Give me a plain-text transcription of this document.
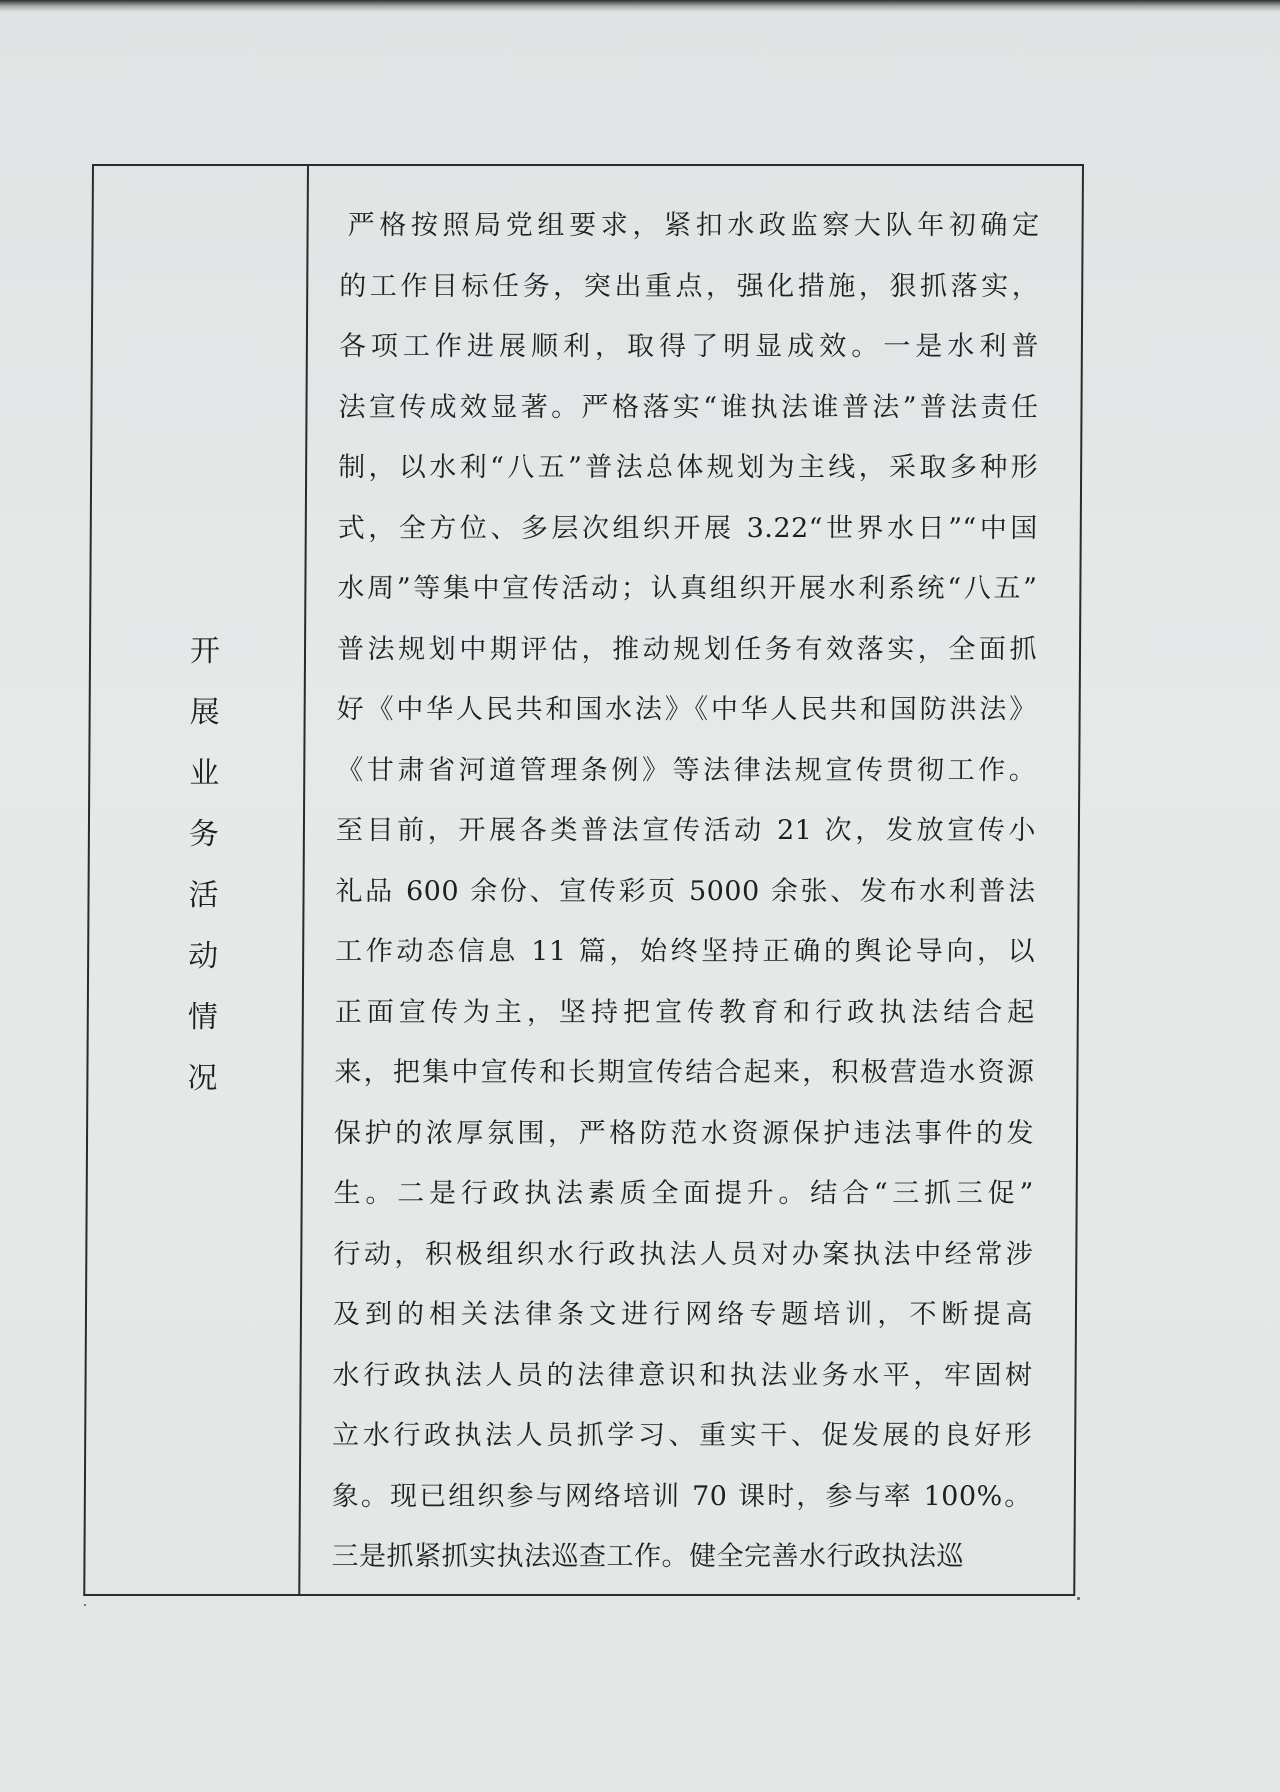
开
展
业
务
活
动
情
况
严格按照局党组要求，紧扣水政监察大队年初确定
的工作目标任务，突出重点，强化措施，狠抓落实，
各项工作进展顺利，取得了明显成效。一是水利普
法宣传成效显著。严格落实“谁执法谁普法”普法责任
制，以水利“八五”普法总体规划为主线，采取多种形
式，全方位、多层次组织开展 3.22“世界水日”“中国
水周”等集中宣传活动；认真组织开展水利系统“八五”
普法规划中期评估，推动规划任务有效落实，全面抓
好《中华人民共和国水法》《中华人民共和国防洪法》
《甘肃省河道管理条例》等法律法规宣传贯彻工作。
至目前，开展各类普法宣传活动 21 次，发放宣传小
礼品 600 余份、宣传彩页 5000 余张、发布水利普法
工作动态信息 11 篇，始终坚持正确的舆论导向，以
正面宣传为主，坚持把宣传教育和行政执法结合起
来，把集中宣传和长期宣传结合起来，积极营造水资源
保护的浓厚氛围，严格防范水资源保护违法事件的发
生。二是行政执法素质全面提升。结合“三抓三促”
行动，积极组织水行政执法人员对办案执法中经常涉
及到的相关法律条文进行网络专题培训，不断提高
水行政执法人员的法律意识和执法业务水平，牢固树
立水行政执法人员抓学习、重实干、促发展的良好形
象。现已组织参与网络培训 70 课时，参与率 100%。
三是抓紧抓实执法巡查工作。健全完善水行政执法巡
